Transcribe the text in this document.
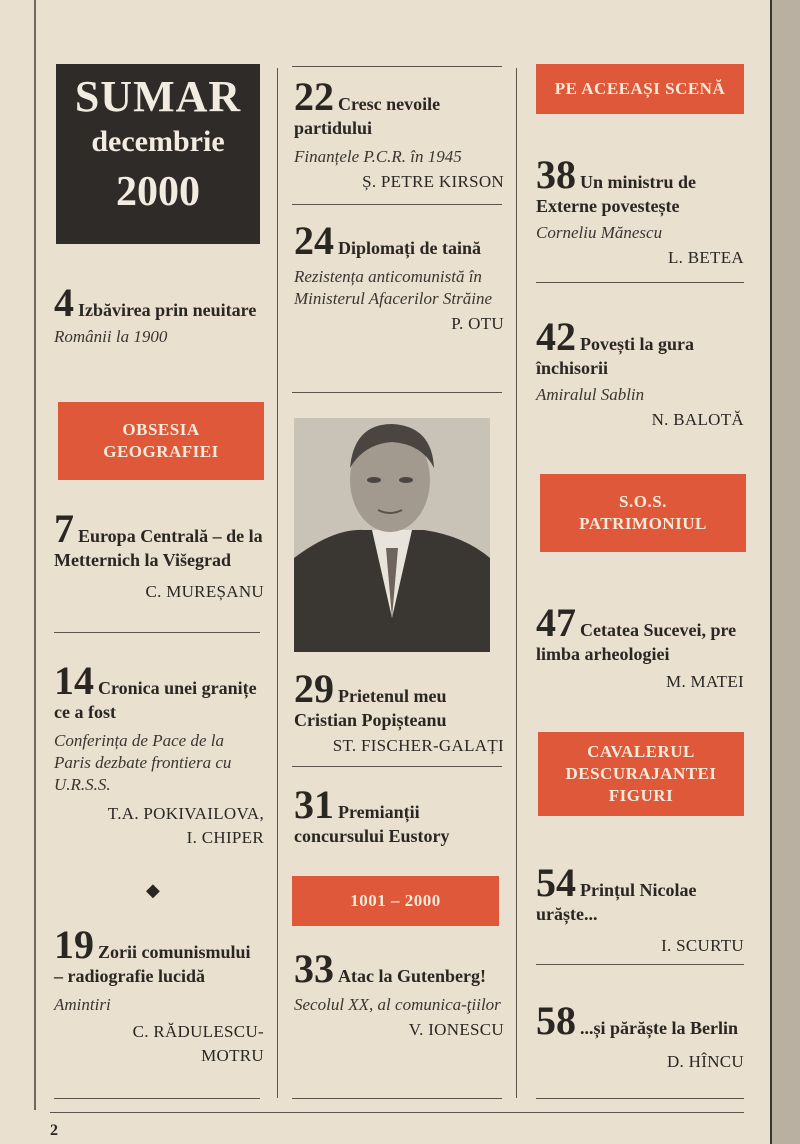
SUMAR
decembrie
2000
4 Izbăvirea prin neuitare
Românii la 1900
OBSESIA GEOGRAFIEI
7 Europa Centrală – de la Metternich la Višegrad
C. MUREȘANU
14 Cronica unei granițe ce a fost
Conferința de Pace de la Paris dezbate frontiera cu U.R.S.S.
T.A. POKIVAILOVA,
I. CHIPER
◆
19 Zorii comunismului – radiografie lucidă
Amintiri
C. RĂDULESCU-
MOTRU
22 Cresc nevoile partidului
Finanțele P.C.R. în 1945
Ș. PETRE KIRSON
24 Diplomați de taină
Rezistența anticomunistă în Ministerul Afacerilor Străine
P. OTU
29 Prietenul meu Cristian Popișteanu
ST. FISCHER-GALAȚI
31 Premianții concursului Eustory
1001 – 2000
33 Atac la Gutenberg!
Secolul XX, al comunica-ţiilor
V. IONESCU
PE ACEEAȘI SCENĂ
38 Un ministru de Externe povestește
Corneliu Mănescu
L. BETEA
42 Povești la gura închisorii
Amiralul Sablin
N. BALOTĂ
S.O.S. PATRIMONIUL
47 Cetatea Sucevei, pre limba arheologiei
M. MATEI
CAVALERUL DESCURAJANTEI FIGURI
54 Prințul Nicolae urăște...
I. SCURTU
58 ...și părăște la Berlin
D. HÎNCU
2
